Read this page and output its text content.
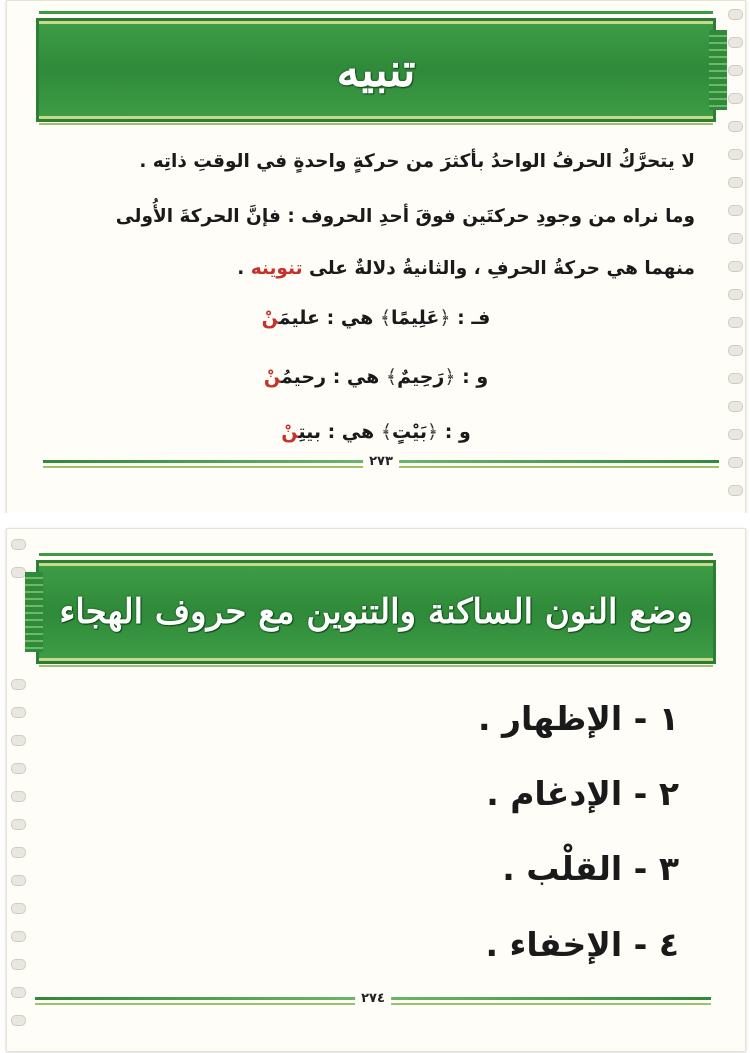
تنبيه
لا يتحرَّكُ الحرفُ الواحدُ بأكثرَ من حركةٍ واحدةٍ في الوقتِ ذاتِه .
وما نراه من وجودِ حركتَين فوقَ أحدِ الحروف : فإنَّ الحركةَ الأُولى
منهما هي حركةُ الحرفِ ، والثانيةُ دلالةٌ على تنوينه .
فـ : ﴿عَلِيمًا﴾ هي : عليمَنْ
و : ﴿رَحِيمٌ﴾ هي : رحيمُنْ
و : ﴿بَيْتٍ﴾ هي : بيتِنْ
٢٧٣
وضع النون الساكنة والتنوين مع حروف الهجاء
١ - الإظهار .
٢ - الإدغام .
٣ - القلْب .
٤ - الإخفاء .
٢٧٤
